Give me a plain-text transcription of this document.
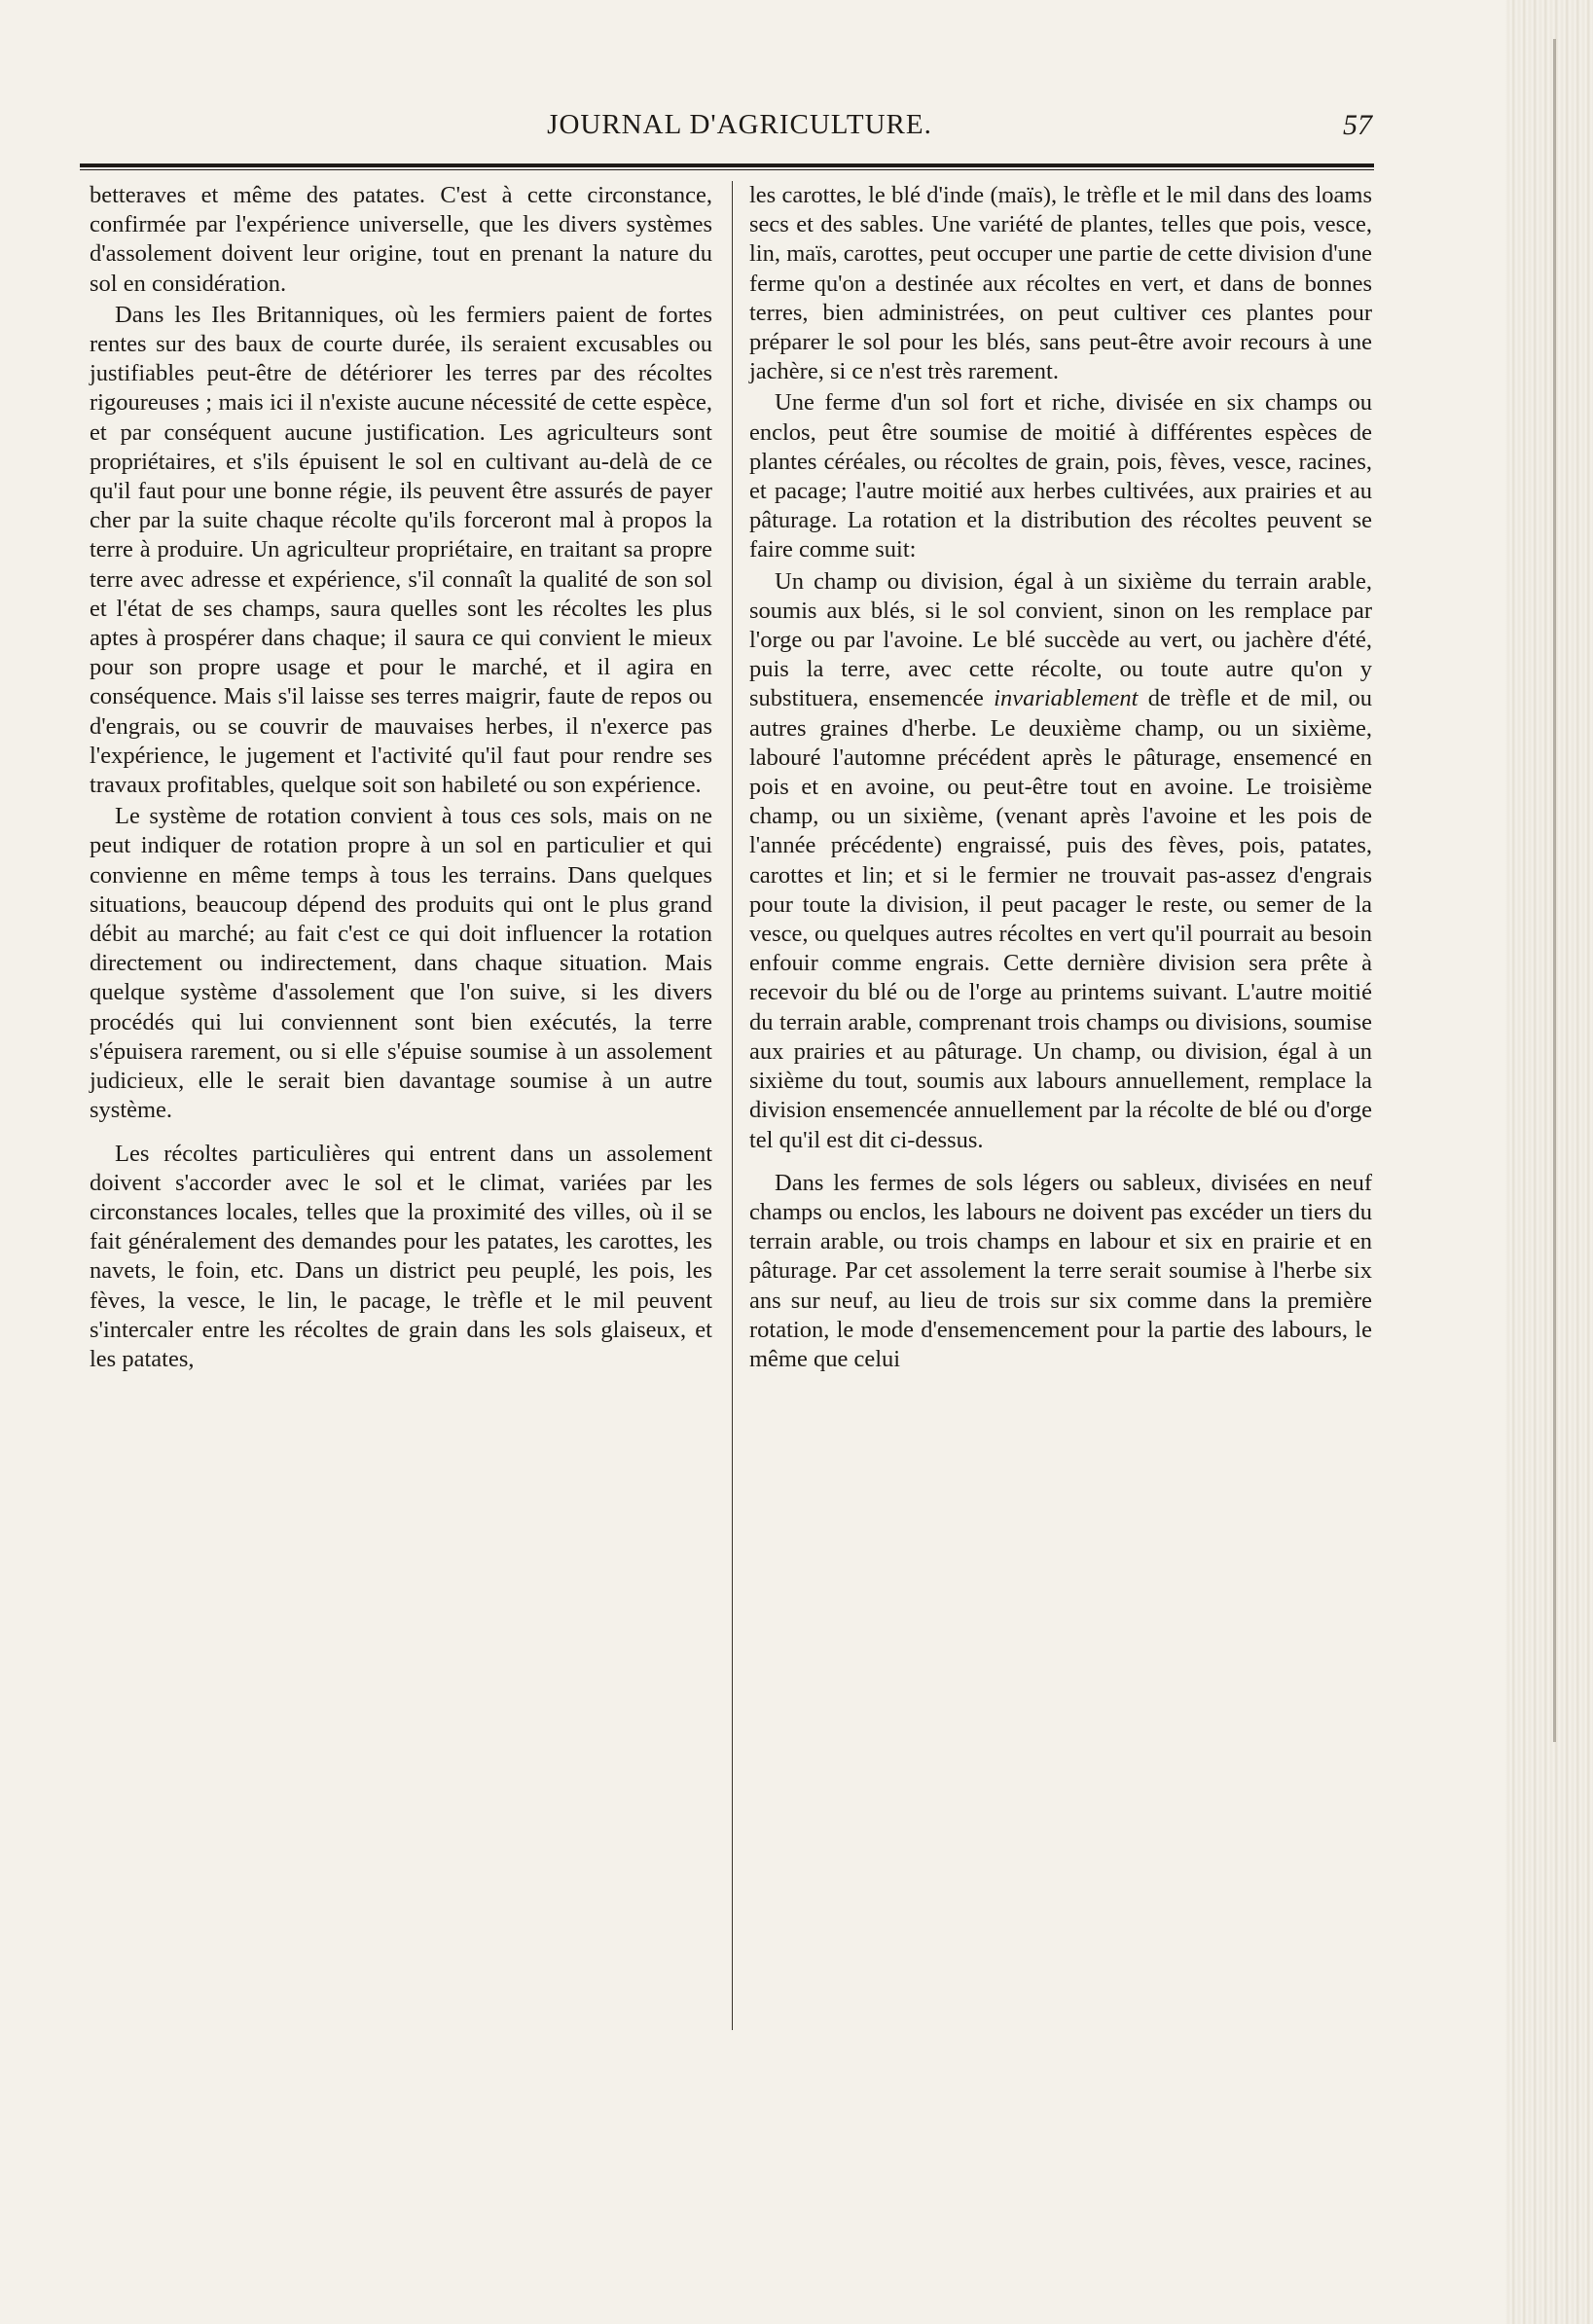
JOURNAL D'AGRICULTURE.	57

betteraves et même des patates. C'est à cette circonstance, confirmée par l'expérience universelle, que les divers systèmes d'assolement doivent leur origine, tout en prenant la nature du sol en considération.

Dans les Iles Britanniques, où les fermiers paient de fortes rentes sur des baux de courte durée, ils seraient excusables ou justifiables peut-être de détériorer les terres par des récoltes rigoureuses ; mais ici il n'existe aucune nécessité de cette espèce, et par conséquent aucune justification. Les agriculteurs sont propriétaires, et s'ils épuisent le sol en cultivant au-delà de ce qu'il faut pour une bonne régie, ils peuvent être assurés de payer cher par la suite chaque récolte qu'ils forceront mal à propos la terre à produire. Un agriculteur propriétaire, en traitant sa propre terre avec adresse et expérience, s'il connaît la qualité de son sol et l'état de ses champs, saura quelles sont les récoltes les plus aptes à prospérer dans chaque; il saura ce qui convient le mieux pour son propre usage et pour le marché, et il agira en conséquence. Mais s'il laisse ses terres maigrir, faute de repos ou d'engrais, ou se couvrir de mauvaises herbes, il n'exerce pas l'expérience, le jugement et l'activité qu'il faut pour rendre ses travaux profitables, quelque soit son habileté ou son expérience.

Le système de rotation convient à tous ces sols, mais on ne peut indiquer de rotation propre à un sol en particulier et qui convienne en même temps à tous les terrains. Dans quelques situations, beaucoup dépend des produits qui ont le plus grand débit au marché; au fait c'est ce qui doit influencer la rotation directement ou indirectement, dans chaque situation. Mais quelque système d'assolement que l'on suive, si les divers procédés qui lui conviennent sont bien exécutés, la terre s'épuisera rarement, ou si elle s'épuise soumise à un assolement judicieux, elle le serait bien davantage soumise à un autre système.

Les récoltes particulières qui entrent dans un assolement doivent s'accorder avec le sol et le climat, variées par les circonstances locales, telles que la proximité des villes, où il se fait généralement des demandes pour les patates, les carottes, les navets, le foin, etc. Dans un district peu peuplé, les pois, les fèves, la vesce, le lin, le pacage, le trèfle et le mil peuvent s'intercaler entre les récoltes de grain dans les sols glaiseux, et les patates,

les carottes, le blé d'inde (maïs), le trèfle et le mil dans des loams secs et des sables. Une variété de plantes, telles que pois, vesce, lin, maïs, carottes, peut occuper une partie de cette division d'une ferme qu'on a destinée aux récoltes en vert, et dans de bonnes terres, bien administrées, on peut cultiver ces plantes pour préparer le sol pour les blés, sans peut-être avoir recours à une jachère, si ce n'est très rarement.

Une ferme d'un sol fort et riche, divisée en six champs ou enclos, peut être soumise de moitié à différentes espèces de plantes céréales, ou récoltes de grain, pois, fèves, vesce, racines, et pacage; l'autre moitié aux herbes cultivées, aux prairies et au pâturage. La rotation et la distribution des récoltes peuvent se faire comme suit:

Un champ ou division, égal à un sixième du terrain arable, soumis aux blés, si le sol convient, sinon on les remplace par l'orge ou par l'avoine. Le blé succède au vert, ou jachère d'été, puis la terre, avec cette récolte, ou toute autre qu'on y substituera, ensemencée invariablement de trèfle et de mil, ou autres graines d'herbe. Le deuxième champ, ou un sixième, labouré l'automne précédent après le pâturage, ensemencé en pois et en avoine, ou peut-être tout en avoine. Le troisième champ, ou un sixième, (venant après l'avoine et les pois de l'année précédente) engraissé, puis des fèves, pois, patates, carottes et lin; et si le fermier ne trouvait pas-assez d'engrais pour toute la division, il peut pacager le reste, ou semer de la vesce, ou quelques autres récoltes en vert qu'il pourrait au besoin enfouir comme engrais. Cette dernière division sera prête à recevoir du blé ou de l'orge au printems suivant. L'autre moitié du terrain arable, comprenant trois champs ou divisions, soumise aux prairies et au pâturage. Un champ, ou division, égal à un sixième du tout, soumis aux labours annuellement, remplace la division ensemencée annuellement par la récolte de blé ou d'orge tel qu'il est dit ci-dessus.

Dans les fermes de sols légers ou sableux, divisées en neuf champs ou enclos, les labours ne doivent pas excéder un tiers du terrain arable, ou trois champs en labour et six en prairie et en pâturage. Par cet assolement la terre serait soumise à l'herbe six ans sur neuf, au lieu de trois sur six comme dans la première rotation, le mode d'ensemencement pour la partie des labours, le même que celui
